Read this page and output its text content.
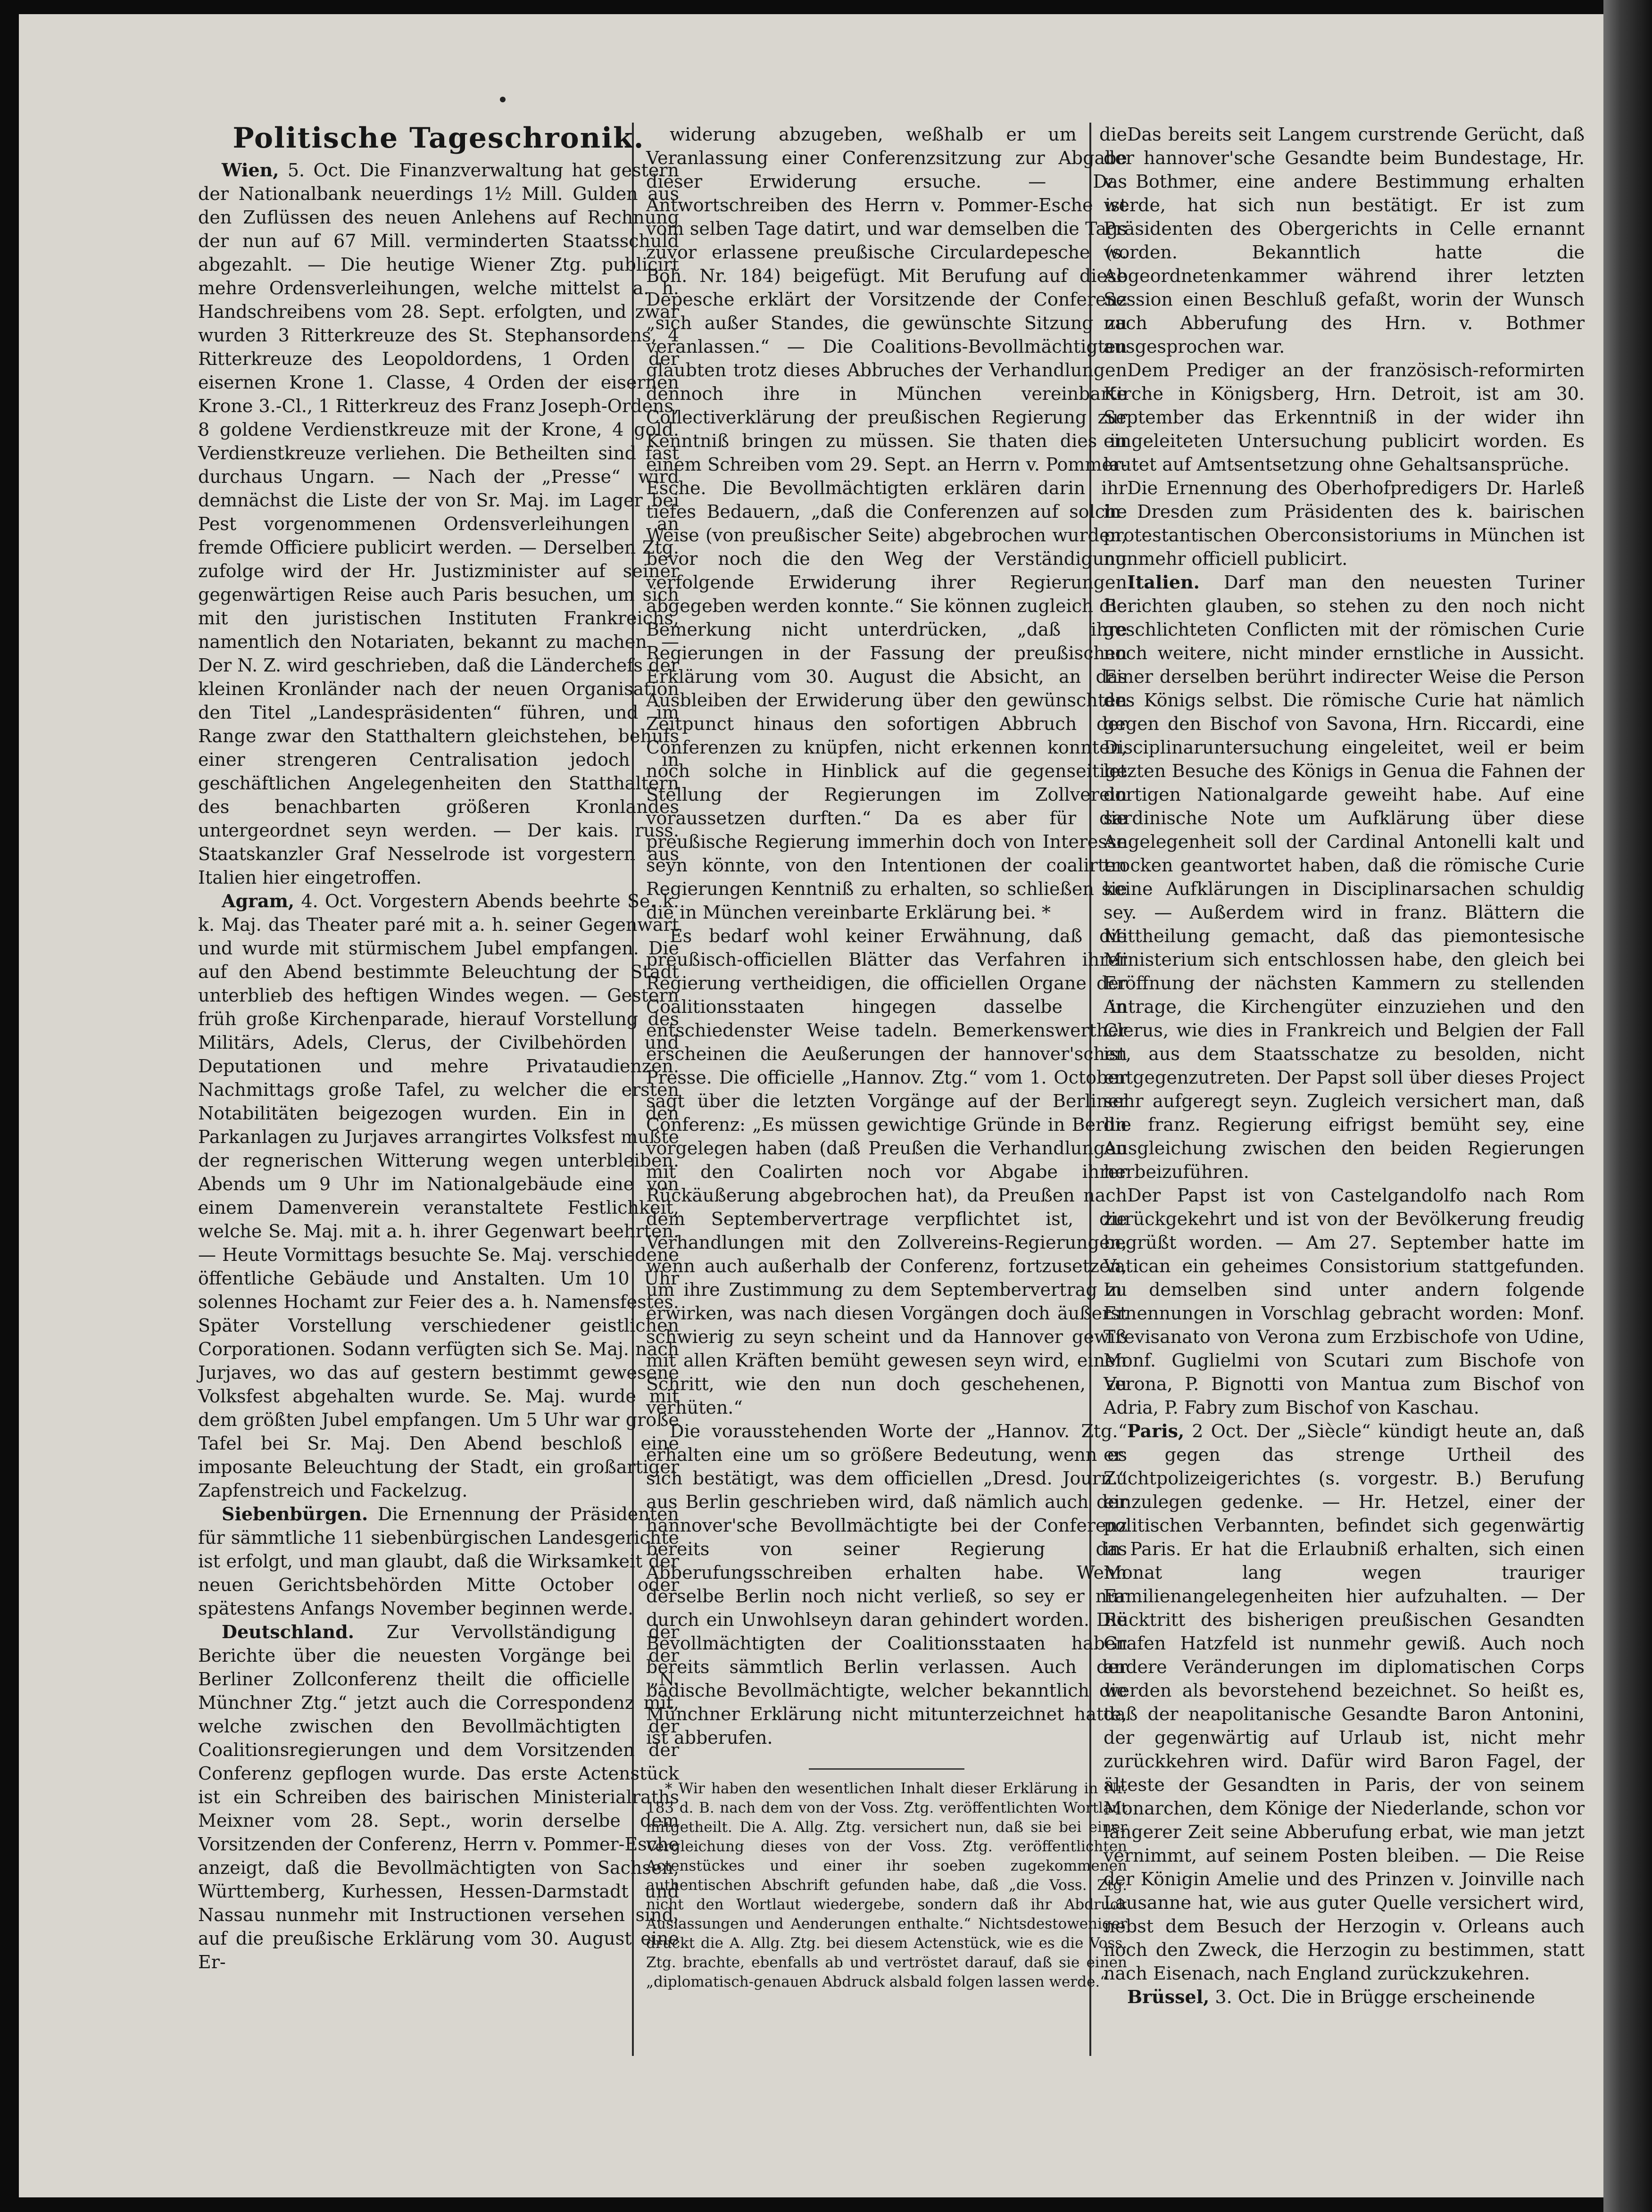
Politische Tageschronik.

Wien, 5. Oct. Die Finanzverwaltung hat gestern der Nationalbank neuerdings 1½ Mill. Gulden aus den Zuflüssen des neuen Anlehens auf Rechnung der nun auf 67 Mill. verminderten Staatsschuld abgezahlt. — Die heutige Wiener Ztg. publicirt mehre Ordensverleihungen, welche mittelst a. h. Handschreibens vom 28. Sept. erfolgten, und zwar wurden 3 Ritterkreuze des St. Stephansordens, 4 Ritterkreuze des Leopoldordens, 1 Orden der eisernen Krone 1. Classe, 4 Orden der eisernen Krone 3.-Cl., 1 Ritterkreuz des Franz Joseph-Ordens, 8 goldene Verdienstkreuze mit der Krone, 4 gold. Verdienstkreuze verliehen. Die Betheilten sind fast durchaus Ungarn. — Nach der „Presse“ wird demnächst die Liste der von Sr. Maj. im Lager bei Pest vorgenommenen Ordensverleihungen an fremde Officiere publicirt werden. — Derselben Ztg. zufolge wird der Hr. Justizminister auf seiner gegenwärtigen Reise auch Paris besuchen, um sich mit den juristischen Instituten Frankreichs, namentlich den Notariaten, bekannt zu machen. — Der N. Z. wird geschrieben, daß die Länderchefs der kleinen Kronländer nach der neuen Organisation den Titel „Landespräsidenten“ führen, und im Range zwar den Statthaltern gleichstehen, behufs einer strengeren Centralisation jedoch in geschäftlichen Angelegenheiten den Statthaltern des benachbarten größeren Kronlandes untergeordnet seyn werden. — Der kais. russ. Staatskanzler Graf Nesselrode ist vorgestern aus Italien hier eingetroffen.

Agram, 4. Oct. Vorgestern Abends beehrte Se. k. k. Maj. das Theater paré mit a. h. seiner Gegenwart und wurde mit stürmischem Jubel empfangen. Die auf den Abend bestimmte Beleuchtung der Stadt unterblieb des heftigen Windes wegen. — Gestern früh große Kirchenparade, hierauf Vorstellung des Militärs, Adels, Clerus, der Civilbehörden und Deputationen und mehre Privataudienzen. Nachmittags große Tafel, zu welcher die ersten Notabilitäten beigezogen wurden. Ein in den Parkanlagen zu Jurjaves arrangirtes Volksfest mußte der regnerischen Witterung wegen unterbleiben. Abends um 9 Uhr im Nationalgebäude eine von einem Damenverein veranstaltete Festlichkeit, welche Se. Maj. mit a. h. ihrer Gegenwart beehrten. — Heute Vormittags besuchte Se. Maj. verschiedene öffentliche Gebäude und Anstalten. Um 10 Uhr solennes Hochamt zur Feier des a. h. Namensfestes. Später Vorstellung verschiedener geistlichen Corporationen. Sodann verfügten sich Se. Maj. nach Jurjaves, wo das auf gestern bestimmt gewesene Volksfest abgehalten wurde. Se. Maj. wurde mit dem größten Jubel empfangen. Um 5 Uhr war große Tafel bei Sr. Maj. Den Abend beschloß eine imposante Beleuchtung der Stadt, ein großartiger Zapfenstreich und Fackelzug.

Siebenbürgen. Die Ernennung der Präsidenten für sämmtliche 11 siebenbürgischen Landesgerichte ist erfolgt, und man glaubt, daß die Wirksamkeit der neuen Gerichtsbehörden Mitte October oder spätestens Anfangs November beginnen werde.

Deutschland. Zur Vervollständigung der Berichte über die neuesten Vorgänge bei der Berliner Zollconferenz theilt die officielle „N. Münchner Ztg.“ jetzt auch die Correspondenz mit, welche zwischen den Bevollmächtigten der Coalitionsregierungen und dem Vorsitzenden der Conferenz gepflogen wurde. Das erste Actenstück ist ein Schreiben des bairischen Ministerialraths Meixner vom 28. Sept., worin derselbe dem Vorsitzenden der Conferenz, Herrn v. Pommer-Esche anzeigt, daß die Bevollmächtigten von Sachsen, Württemberg, Kurhessen, Hessen-Darmstadt und Nassau nunmehr mit Instructionen versehen sind, auf die preußische Erklärung vom 30. August eine Er-

widerung abzugeben, weßhalb er um die Veranlassung einer Conferenzsitzung zur Abgabe dieser Erwiderung ersuche. — Das Antwortschreiben des Herrn v. Pommer-Esche ist vom selben Tage datirt, und war demselben die Tags zuvor erlassene preußische Circulardepesche (s. Boh. Nr. 184) beigefügt. Mit Berufung auf diese Depesche erklärt der Vorsitzende der Conferenz „sich außer Standes, die gewünschte Sitzung zu veranlassen.“ — Die Coalitions-Bevollmächtigten glaubten trotz dieses Abbruches der Verhandlungen dennoch ihre in München vereinbarte Collectiverklärung der preußischen Regierung zur Kenntniß bringen zu müssen. Sie thaten dies in einem Schreiben vom 29. Sept. an Herrn v. Pommer-Esche. Die Bevollmächtigten erklären darin ihr tiefes Bedauern, „daß die Conferenzen auf solche Weise (von preußischer Seite) abgebrochen wurden, bevor noch die den Weg der Verständigung verfolgende Erwiderung ihrer Regierungen abgegeben werden konnte.“ Sie können zugleich die Bemerkung nicht unterdrücken, „daß ihre Regierungen in der Fassung der preußischen Erklärung vom 30. August die Absicht, an das Ausbleiben der Erwiderung über den gewünschten Zeitpunct hinaus den sofortigen Abbruch der Conferenzen zu knüpfen, nicht erkennen konnten, noch solche in Hinblick auf die gegenseitige Stellung der Regierungen im Zollverein voraussetzen durften.“ Da es aber für die preußische Regierung immerhin doch von Interesse seyn könnte, von den Intentionen der coalirten Regierungen Kenntniß zu erhalten, so schließen sie die in München vereinbarte Erklärung bei. *

Es bedarf wohl keiner Erwähnung, daß die preußisch-officiellen Blätter das Verfahren ihrer Regierung vertheidigen, die officiellen Organe der Coalitionsstaaten hingegen dasselbe in entschiedenster Weise tadeln. Bemerkenswerther erscheinen die Aeußerungen der hannover'schen Presse. Die officielle „Hannov. Ztg.“ vom 1. October sagt über die letzten Vorgänge auf der Berliner Conferenz: „Es müssen gewichtige Gründe in Berlin vorgelegen haben (daß Preußen die Verhandlungen mit den Coalirten noch vor Abgabe ihrer Rückäußerung abgebrochen hat), da Preußen nach dem Septembervertrage verpflichtet ist, die Verhandlungen mit den Zollvereins-Regierungen, wenn auch außerhalb der Conferenz, fortzusetzen, um ihre Zustimmung zu dem Septembervertrag zu erwirken, was nach diesen Vorgängen doch äußerst schwierig zu seyn scheint und da Hannover gewiß mit allen Kräften bemüht gewesen seyn wird, einen Schritt, wie den nun doch geschehenen, zu verhüten.“

Die vorausstehenden Worte der „Hannov. Ztg.“ erhalten eine um so größere Bedeutung, wenn es sich bestätigt, was dem officiellen „Dresd. Journ.“ aus Berlin geschrieben wird, daß nämlich auch der hannover'sche Bevollmächtigte bei der Conferenz bereits von seiner Regierung das Abberufungsschreiben erhalten habe. Wenn derselbe Berlin noch nicht verließ, so sey er nur durch ein Unwohlseyn daran gehindert worden. Die Bevollmächtigten der Coalitionsstaaten haben bereits sämmtlich Berlin verlassen. Auch der badische Bevollmächtigte, welcher bekanntlich die Münchner Erklärung nicht mitunterzeichnet hatte, ist abberufen.

* Wir haben den wesentlichen Inhalt dieser Erklärung in Nr. 183 d. B. nach dem von der Voss. Ztg. veröffentlichten Wortlaut mitgetheilt. Die A. Allg. Ztg. versichert nun, daß sie bei einer Vergleichung dieses von der Voss. Ztg. veröffentlichten Actenstückes und einer ihr soeben zugekommenen authentischen Abschrift gefunden habe, daß „die Voss. Ztg. nicht den Wortlaut wiedergebe, sondern daß ihr Abdruck Auslassungen und Aenderungen enthalte.“ Nichtsdestoweniger druckt die A. Allg. Ztg. bei diesem Actenstück, wie es die Voss. Ztg. brachte, ebenfalls ab und vertröstet darauf, daß sie einen „diplomatisch-genauen Abdruck alsbald folgen lassen werde.“

Das bereits seit Langem curstrende Gerücht, daß der hannover'sche Gesandte beim Bundestage, Hr. v. Bothmer, eine andere Bestimmung erhalten werde, hat sich nun bestätigt. Er ist zum Präsidenten des Obergerichts in Celle ernannt worden. Bekanntlich hatte die Abgeordnetenkammer während ihrer letzten Session einen Beschluß gefaßt, worin der Wunsch nach Abberufung des Hrn. v. Bothmer ausgesprochen war.

Dem Prediger an der französisch-reformirten Kirche in Königsberg, Hrn. Detroit, ist am 30. September das Erkenntniß in der wider ihn eingeleiteten Untersuchung publicirt worden. Es lautet auf Amtsentsetzung ohne Gehaltsansprüche.

Die Ernennung des Oberhofpredigers Dr. Harleß in Dresden zum Präsidenten des k. bairischen protestantischen Oberconsistoriums in München ist nunmehr officiell publicirt.

Italien. Darf man den neuesten Turiner Berichten glauben, so stehen zu den noch nicht geschlichteten Conflicten mit der römischen Curie noch weitere, nicht minder ernstliche in Aussicht. Einer derselben berührt indirecter Weise die Person des Königs selbst. Die römische Curie hat nämlich gegen den Bischof von Savona, Hrn. Riccardi, eine Disciplinaruntersuchung eingeleitet, weil er beim letzten Besuche des Königs in Genua die Fahnen der dortigen Nationalgarde geweiht habe. Auf eine sardinische Note um Aufklärung über diese Angelegenheit soll der Cardinal Antonelli kalt und trocken geantwortet haben, daß die römische Curie keine Aufklärungen in Disciplinarsachen schuldig sey. — Außerdem wird in franz. Blättern die Mittheilung gemacht, daß das piemontesische Ministerium sich entschlossen habe, den gleich bei Eröffnung der nächsten Kammern zu stellenden Antrage, die Kirchengüter einzuziehen und den Clerus, wie dies in Frankreich und Belgien der Fall ist, aus dem Staatsschatze zu besolden, nicht entgegenzutreten. Der Papst soll über dieses Project sehr aufgeregt seyn. Zugleich versichert man, daß die franz. Regierung eifrigst bemüht sey, eine Ausgleichung zwischen den beiden Regierungen herbeizuführen.

Der Papst ist von Castelgandolfo nach Rom zurückgekehrt und ist von der Bevölkerung freudig begrüßt worden. — Am 27. September hatte im Vatican ein geheimes Consistorium stattgefunden. In demselben sind unter andern folgende Ernennungen in Vorschlag gebracht worden: Monf. Trevisanato von Verona zum Erzbischofe von Udine, Monf. Guglielmi von Scutari zum Bischofe von Verona, P. Bignotti von Mantua zum Bischof von Adria, P. Fabry zum Bischof von Kaschau.

Paris, 2 Oct. Der „Siècle“ kündigt heute an, daß er gegen das strenge Urtheil des Zuchtpolizeigerichtes (s. vorgestr. B.) Berufung einzulegen gedenke. — Hr. Hetzel, einer der politischen Verbannten, befindet sich gegenwärtig in Paris. Er hat die Erlaubniß erhalten, sich einen Monat lang wegen trauriger Familienangelegenheiten hier aufzuhalten. — Der Rücktritt des bisherigen preußischen Gesandten Grafen Hatzfeld ist nunmehr gewiß. Auch noch andere Veränderungen im diplomatischen Corps werden als bevorstehend bezeichnet. So heißt es, daß der neapolitanische Gesandte Baron Antonini, der gegenwärtig auf Urlaub ist, nicht mehr zurückkehren wird. Dafür wird Baron Fagel, der älteste der Gesandten in Paris, der von seinem Monarchen, dem Könige der Niederlande, schon vor längerer Zeit seine Abberufung erbat, wie man jetzt vernimmt, auf seinem Posten bleiben. — Die Reise der Königin Amelie und des Prinzen v. Joinville nach Lausanne hat, wie aus guter Quelle versichert wird, nebst dem Besuch der Herzogin v. Orleans auch noch den Zweck, die Herzogin zu bestimmen, statt nach Eisenach, nach England zurückzukehren.

Brüssel, 3. Oct. Die in Brügge erscheinende
